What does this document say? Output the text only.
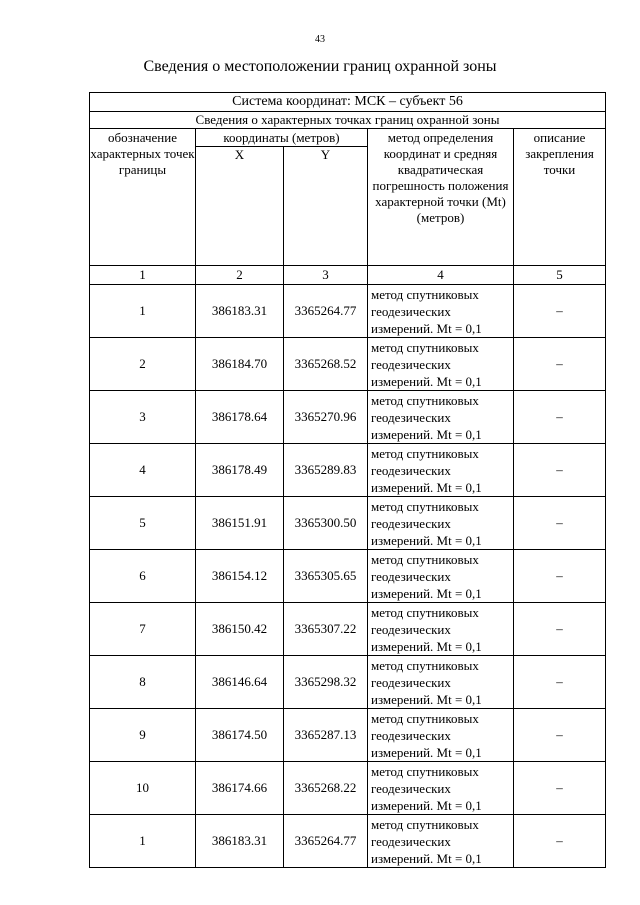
43
Сведения о местоположении границ охранной зоны
Система координат: МСК – субъект 56				
Сведения о характерных точках границ охранной зоны				
обозначение характерных точек границы	координаты (метров)		метод определения координат и средняя квадратическая погрешность положения характерной точки (Mt) (метров)	описание закрепления точки
	X	Y		
1	2	3	4	5
1	386183.31	3365264.77	метод спутниковых геодезических измерений. Mt = 0,1	–
2	386184.70	3365268.52	метод спутниковых геодезических измерений. Mt = 0,1	–
3	386178.64	3365270.96	метод спутниковых геодезических измерений. Mt = 0,1	–
4	386178.49	3365289.83	метод спутниковых геодезических измерений. Mt = 0,1	–
5	386151.91	3365300.50	метод спутниковых геодезических измерений. Mt = 0,1	–
6	386154.12	3365305.65	метод спутниковых геодезических измерений. Mt = 0,1	–
7	386150.42	3365307.22	метод спутниковых геодезических измерений. Mt = 0,1	–
8	386146.64	3365298.32	метод спутниковых геодезических измерений. Mt = 0,1	–
9	386174.50	3365287.13	метод спутниковых геодезических измерений. Mt = 0,1	–
10	386174.66	3365268.22	метод спутниковых геодезических измерений. Mt = 0,1	–
1	386183.31	3365264.77	метод спутниковых геодезических измерений. Mt = 0,1	–
